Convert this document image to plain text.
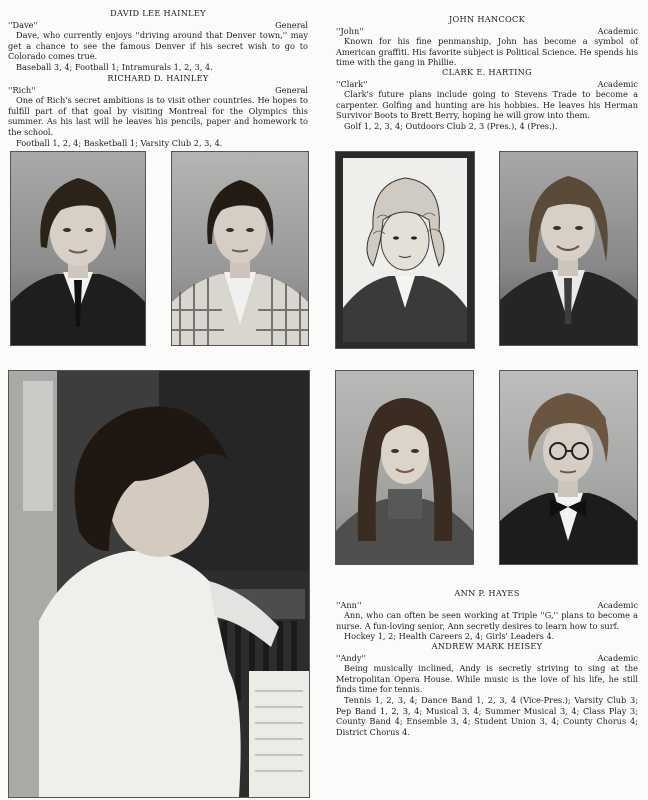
DAVID LEE HAINLEY
''Dave''	General
Dave, who currently enjoys ''driving around that Denver town,'' may get a chance to see the famous Denver if his secret wish to go to Colorado comes true.
Baseball 3, 4; Football 1; Intramurals 1, 2, 3, 4.
RICHARD D. HAINLEY
''Rich''	General
One of Rich's secret ambitions is to visit other countries. He hopes to fulfill part of that goal by visiting Montreal for the Olympics this summer. As his last will he leaves his pencils, paper and homework to the school.
Football 1, 2, 4; Basketball 1; Varsity Club 2, 3, 4.
JOHN HANCOCK
''John''	Academic
Known for his fine penmanship, John has become a symbol of American graffiti. His favorite subject is Political Science. He spends his time with the gang in Phillie.
CLARK E. HARTING
''Clark''	Academic
Clark's future plans include going to Stevens Trade to become a carpenter. Golfing and hunting are his hobbies. He leaves his Herman Survivor Boots to Brett Berry, hoping he will grow into them.
Golf 1, 2, 3, 4; Outdoors Club 2, 3 (Pres.), 4 (Pres.).
ANN P. HAYES
''Ann''	Academic
Ann, who can often be seen working at Triple ''G,'' plans to become a nurse. A fun-loving senior, Ann secretly desires to learn how to surf.
Hockey 1, 2; Health Careers 2, 4; Girls' Leaders 4.
ANDREW MARK HEISEY
''Andy''	Academic
Being musically inclined, Andy is secretly striving to sing at the Metropolitan Opera House. While music is the love of his life, he still finds time for tennis.
Tennis 1, 2, 3, 4; Dance Band 1, 2, 3, 4 (Vice-Pres.); Varsity Club 3; Pep Band 1, 2, 3, 4; Musical 3, 4; Summer Musical 3, 4; Class Play 3; County Band 4; Ensemble 3, 4; Student Union 3, 4; County Chorus 4; District Chorus 4.
